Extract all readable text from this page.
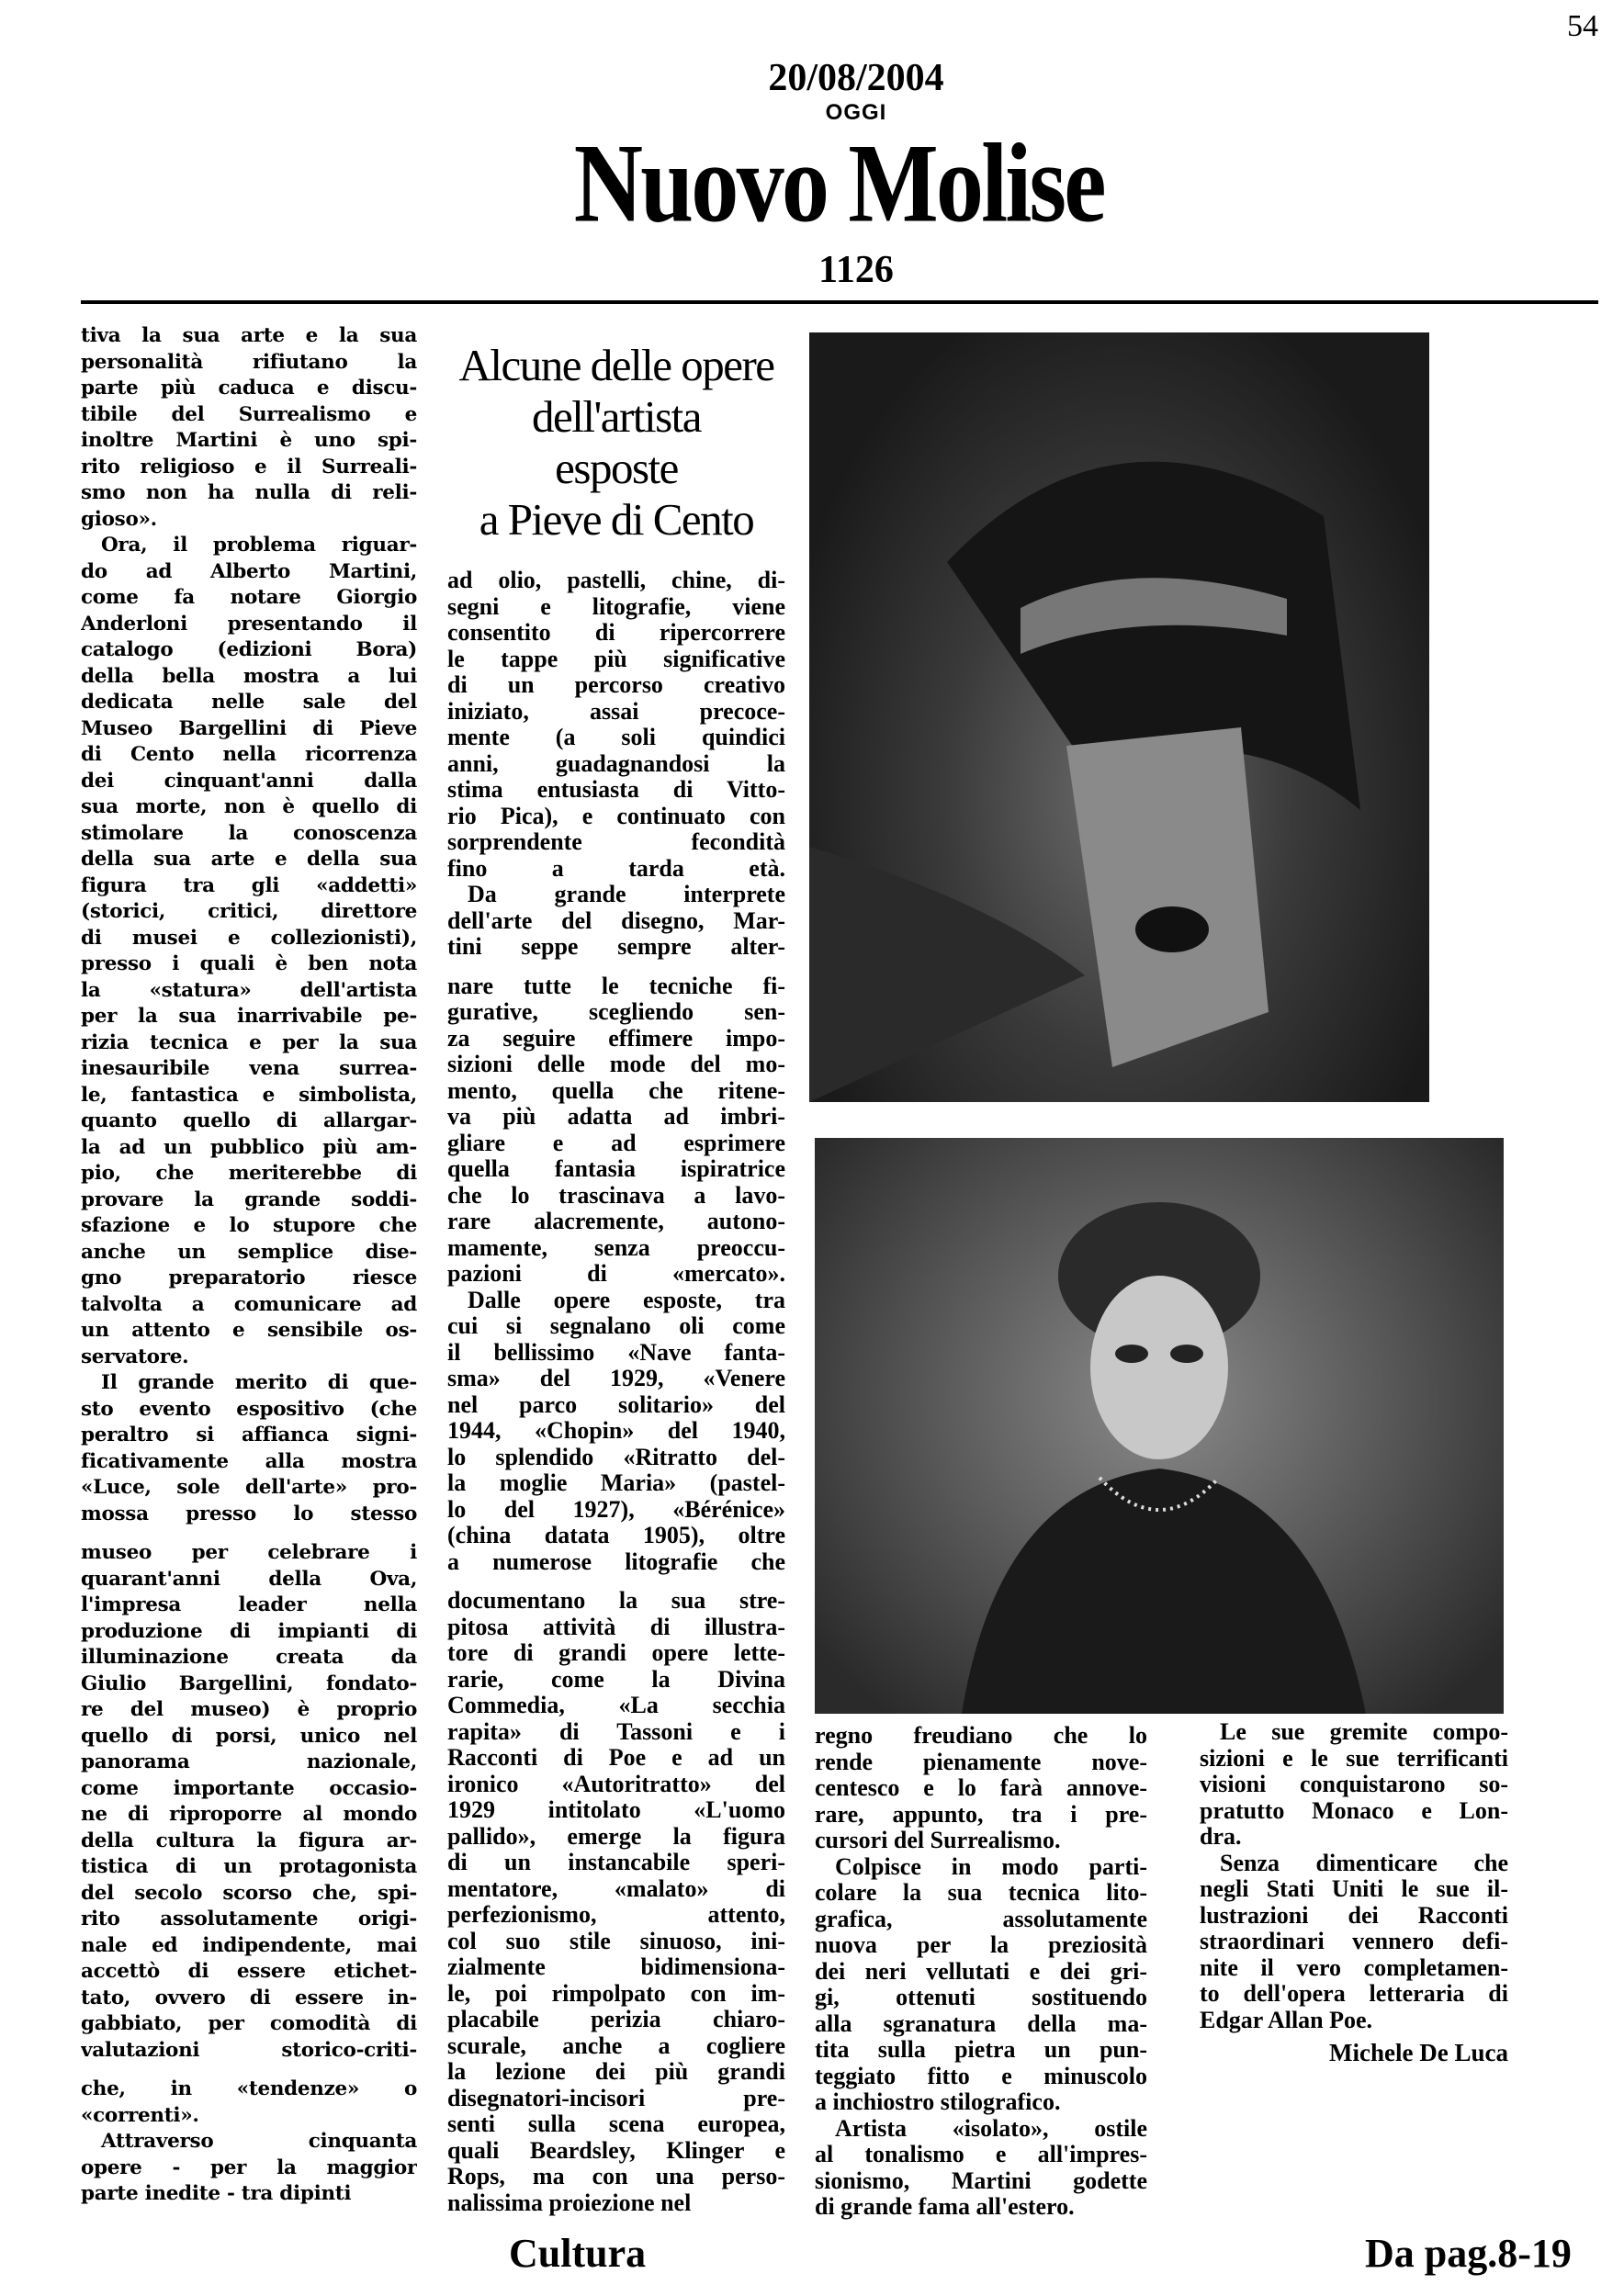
54
20/08/2004
OGGI
Nuovo Molise
1126
Alcune delle opere
dell'artista
esposte
a Pieve di Cento
tiva la sua arte e la sua
personalità rifiutano la
parte più caduca e discu-
tibile del Surrealismo e
inoltre Martini è uno spi-
rito religioso e il Surreali-
smo non ha nulla di reli-
gioso».
Ora, il problema riguar-
do ad Alberto Martini,
come fa notare Giorgio
Anderloni presentando il
catalogo (edizioni Bora)
della bella mostra a lui
dedicata nelle sale del
Museo Bargellini di Pieve
di Cento nella ricorrenza
dei cinquant'anni dalla
sua morte, non è quello di
stimolare la conoscenza
della sua arte e della sua
figura tra gli «addetti»
(storici, critici, direttore
di musei e collezionisti),
presso i quali è ben nota
la «statura» dell'artista
per la sua inarrivabile pe-
rizia tecnica e per la sua
inesauribile vena surrea-
le, fantastica e simbolista,
quanto quello di allargar-
la ad un pubblico più am-
pio, che meriterebbe di
provare la grande soddi-
sfazione e lo stupore che
anche un semplice dise-
gno preparatorio riesce
talvolta a comunicare ad
un attento e sensibile os-
servatore.
Il grande merito di que-
sto evento espositivo (che
peraltro si affianca signi-
ficativamente alla mostra
«Luce, sole dell'arte» pro-
mossa presso lo stesso
museo per celebrare i
quarant'anni della Ova,
l'impresa leader nella
produzione di impianti di
illuminazione creata da
Giulio Bargellini, fondato-
re del museo) è proprio
quello di porsi, unico nel
panorama nazionale,
come importante occasio-
ne di riproporre al mondo
della cultura la figura ar-
tistica di un protagonista
del secolo scorso che, spi-
rito assolutamente origi-
nale ed indipendente, mai
accettò di essere etichet-
tato, ovvero di essere in-
gabbiato, per comodità di
valutazioni storico-criti-
che, in «tendenze» o
«correnti».
Attraverso cinquanta
opere - per la maggior
parte inedite - tra dipinti
ad olio, pastelli, chine, di-
segni e litografie, viene
consentito di ripercorrere
le tappe più significative
di un percorso creativo
iniziato, assai precoce-
mente (a soli quindici
anni, guadagnandosi la
stima entusiasta di Vitto-
rio Pica), e continuato con
sorprendente fecondità
fino a tarda età.
Da grande interprete
dell'arte del disegno, Mar-
tini seppe sempre alter-
nare tutte le tecniche fi-
gurative, scegliendo sen-
za seguire effimere impo-
sizioni delle mode del mo-
mento, quella che ritene-
va più adatta ad imbri-
gliare e ad esprimere
quella fantasia ispiratrice
che lo trascinava a lavo-
rare alacremente, autono-
mamente, senza preoccu-
pazioni di «mercato».
Dalle opere esposte, tra
cui si segnalano oli come
il bellissimo «Nave fanta-
sma» del 1929, «Venere
nel parco solitario» del
1944, «Chopin» del 1940,
lo splendido «Ritratto del-
la moglie Maria» (pastel-
lo del 1927), «Bérénice»
(china datata 1905), oltre
a numerose litografie che
documentano la sua stre-
pitosa attività di illustra-
tore di grandi opere lette-
rarie, come la Divina
Commedia, «La secchia
rapita» di Tassoni e i
Racconti di Poe e ad un
ironico «Autoritratto» del
1929 intitolato «L'uomo
pallido», emerge la figura
di un instancabile speri-
mentatore, «malato» di
perfezionismo, attento,
col suo stile sinuoso, ini-
zialmente bidimensiona-
le, poi rimpolpato con im-
placabile perizia chiaro-
scurale, anche a cogliere
la lezione dei più grandi
disegnatori-incisori pre-
senti sulla scena europea,
quali Beardsley, Klinger e
Rops, ma con una perso-
nalissima proiezione nel
regno freudiano che lo
rende pienamente nove-
centesco e lo farà annove-
rare, appunto, tra i pre-
cursori del Surrealismo.
Colpisce in modo parti-
colare la sua tecnica lito-
grafica, assolutamente
nuova per la preziosità
dei neri vellutati e dei gri-
gi, ottenuti sostituendo
alla sgranatura della ma-
tita sulla pietra un pun-
teggiato fitto e minuscolo
a inchiostro stilografico.
Artista «isolato», ostile
al tonalismo e all'impres-
sionismo, Martini godette
di grande fama all'estero.
Le sue gremite compo-
sizioni e le sue terrificanti
visioni conquistarono so-
pratutto Monaco e Lon-
dra.
Senza dimenticare che
negli Stati Uniti le sue il-
lustrazioni dei Racconti
straordinari vennero defi-
nite il vero completamen-
to dell'opera letteraria di
Edgar Allan Poe.
Michele De Luca
Cultura	Da pag.8-19
